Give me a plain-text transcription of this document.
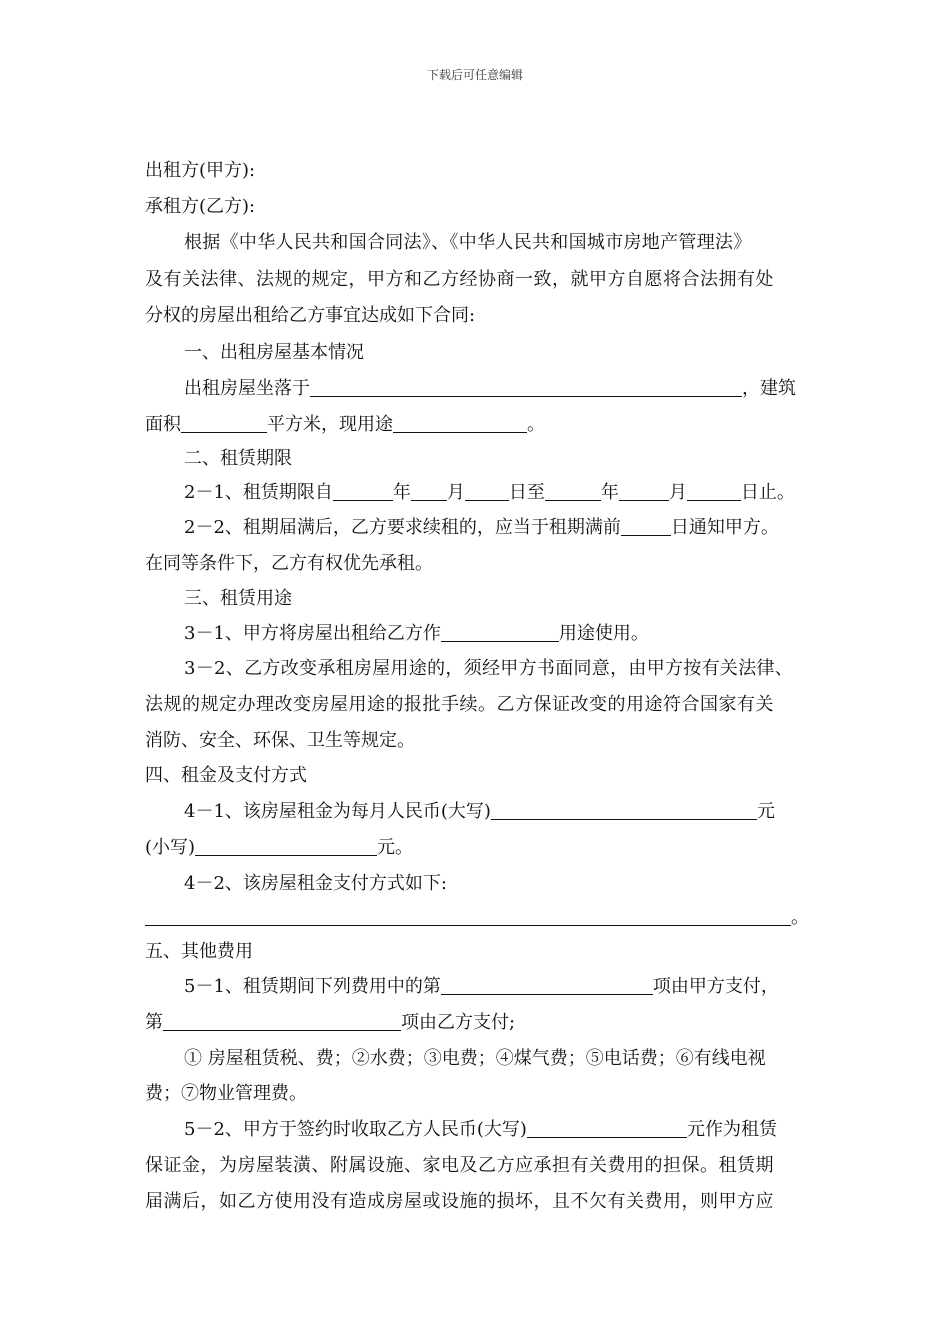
下载后可任意编辑
出租方(甲方):
承租方(乙方):
根据《中华人民共和国合同法》、《中华人民共和国城市房地产管理法》
及有关法律、法规的规定，甲方和乙方经协商一致，就甲方自愿将合法拥有处
分权的房屋出租给乙方事宜达成如下合同:
一、出租房屋基本情况
出租房屋坐落于	，建筑
面积	平方米，现用途	。
二、租赁期限
2－1、租赁期限自	年 月 日至	年	月	日止。
2－2、租期届满后，乙方要求续租的，应当于租期满前	日通知甲方。
在同等条件下，乙方有权优先承租。
三、租赁用途
3－1、甲方将房屋出租给乙方作	用途使用。
3－2、乙方改变承租房屋用途的，须经甲方书面同意，由甲方按有关法律、
法规的规定办理改变房屋用途的报批手续。乙方保证改变的用途符合国家有关
消防、安全、环保、卫生等规定。
四、租金及支付方式
4－1、该房屋租金为每月人民币(大写)	元
(小写)	元。
4－2、该房屋租金支付方式如下:
。
五、其他费用
5－1、租赁期间下列费用中的第	项由甲方支付，
第	项由乙方支付;
① 房屋租赁税、费；②水费；③电费；④煤气费；⑤电话费；⑥有线电视
费；⑦物业管理费。
5－2、甲方于签约时收取乙方人民币(大写)	元作为租赁
保证金，为房屋装潢、附属设施、家电及乙方应承担有关费用的担保。租赁期
届满后，如乙方使用没有造成房屋或设施的损坏，且不欠有关费用，则甲方应
